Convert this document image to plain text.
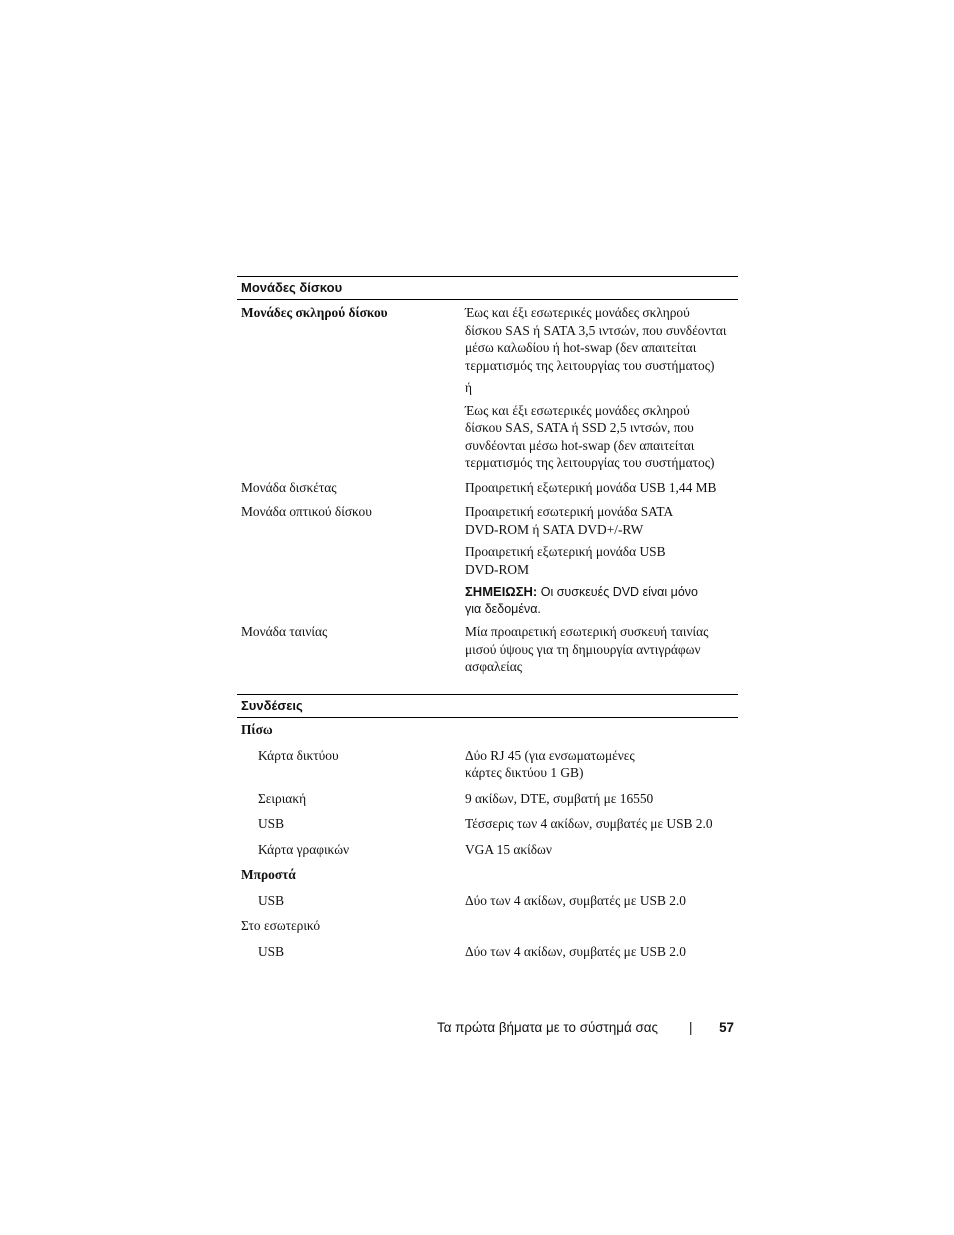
Μονάδες δίσκου
Μονάδες σκληρού δίσκου	Έως και έξι εσωτερικές μονάδες σκληρού

δίσκου SAS ή SATA 3,5 ιντσών, που συνδέονται

μέσω καλωδίου ή hot-swap (δεν απαιτείται

τερματισμός της λειτουργίας του συστήματος)

ή

Έως και έξι εσωτερικές μονάδες σκληρού

δίσκου SAS, SATA ή SSD 2,5 ιντσών, που

συνδέονται μέσω hot-swap (δεν απαιτείται

τερματισμός της λειτουργίας του συστήματος)

Μονάδα δισκέτας	Προαιρετική εξωτερική μονάδα USB 1,44 MB
Μονάδα οπτικού δίσκου	Προαιρετική εσωτερική μονάδα SATA

DVD-ROM ή SATA DVD+/-RW

Προαιρετική εξωτερική μονάδα USB

DVD-ROM

ΣΗΜΕΙΩΣΗ: Οι συσκευές DVD είναι μόνο
για δεδομένα.
Μονάδα ταινίας	Μία προαιρετική εσωτερική συσκευή ταινίας

μισού ύψους για τη δημιουργία αντιγράφων

ασφαλείας

Συνδέσεις
Πίσω
Κάρτα δικτύου	Δύο RJ 45 (για ενσωματωμένες

κάρτες δικτύου 1 GB)

Σειριακή	9 ακίδων, DTE, συμβατή με 16550
USB	Τέσσερις των 4 ακίδων, συμβατές με USB 2.0
Κάρτα γραφικών	VGA 15 ακίδων
Μπροστά
USB	Δύο των 4 ακίδων, συμβατές με USB 2.0
Στο εσωτερικό
USB	Δύο των 4 ακίδων, συμβατές με USB 2.0
Τα πρώτα βήματα με το σύστημά σας | 57
